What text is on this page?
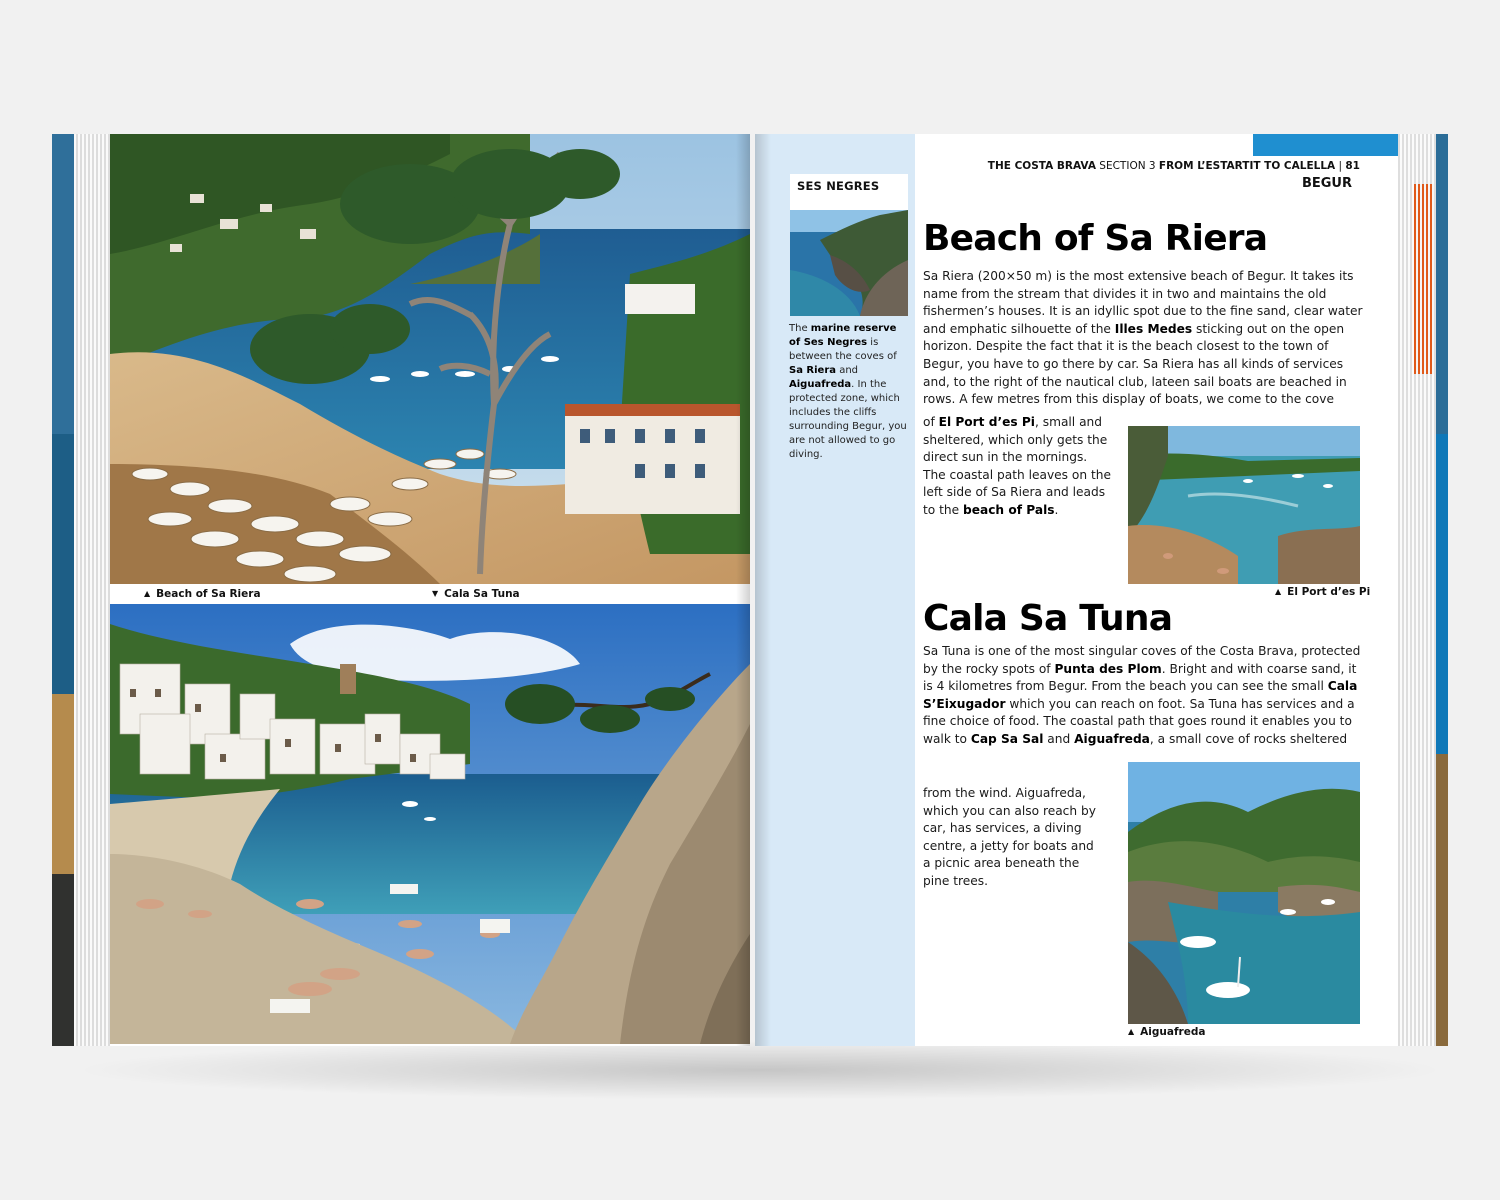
▲ Beach of Sa Riera	▼ Cala Sa Tuna
THE COSTA BRAVA SECTION 3 FROM L’ESTARTIT TO CALELLA | 81
BEGUR
SES NEGRES
The marine reserve of Ses Negres is between the coves of Sa Riera and Aiguafreda. In the protected zone, which includes the cliffs surrounding Begur, you are not allowed to go diving.
Beach of Sa Riera
Sa Riera (200×50 m) is the most extensive beach of Begur. It takes its name from the stream that divides it in two and maintains the old fishermen’s houses. It is an idyllic spot due to the fine sand, clear water and emphatic silhouette of the Illes Medes sticking out on the open horizon. Despite the fact that it is the beach closest to the town of Begur, you have to go there by car. Sa Riera has all kinds of services and, to the right of the nautical club, lateen sail boats are beached in rows. A few metres from this display of boats, we come to the cove
of El Port d’es Pi, small and sheltered, which only gets the direct sun in the mornings. The coastal path leaves on the left side of Sa Riera and leads to the beach of Pals.
▲ El Port d’es Pi
Cala Sa Tuna
Sa Tuna is one of the most singular coves of the Costa Brava, protected by the rocky spots of Punta des Plom. Bright and with coarse sand, it is 4 kilometres from Begur. From the beach you can see the small Cala S’Eixugador which you can reach on foot. Sa Tuna has services and a fine choice of food. The coastal path that goes round it enables you to walk to Cap Sa Sal and Aiguafreda, a small cove of rocks sheltered
from the wind. Aiguafreda, which you can also reach by car, has services, a diving centre, a jetty for boats and a picnic area beneath the pine trees.
▲ Aiguafreda
